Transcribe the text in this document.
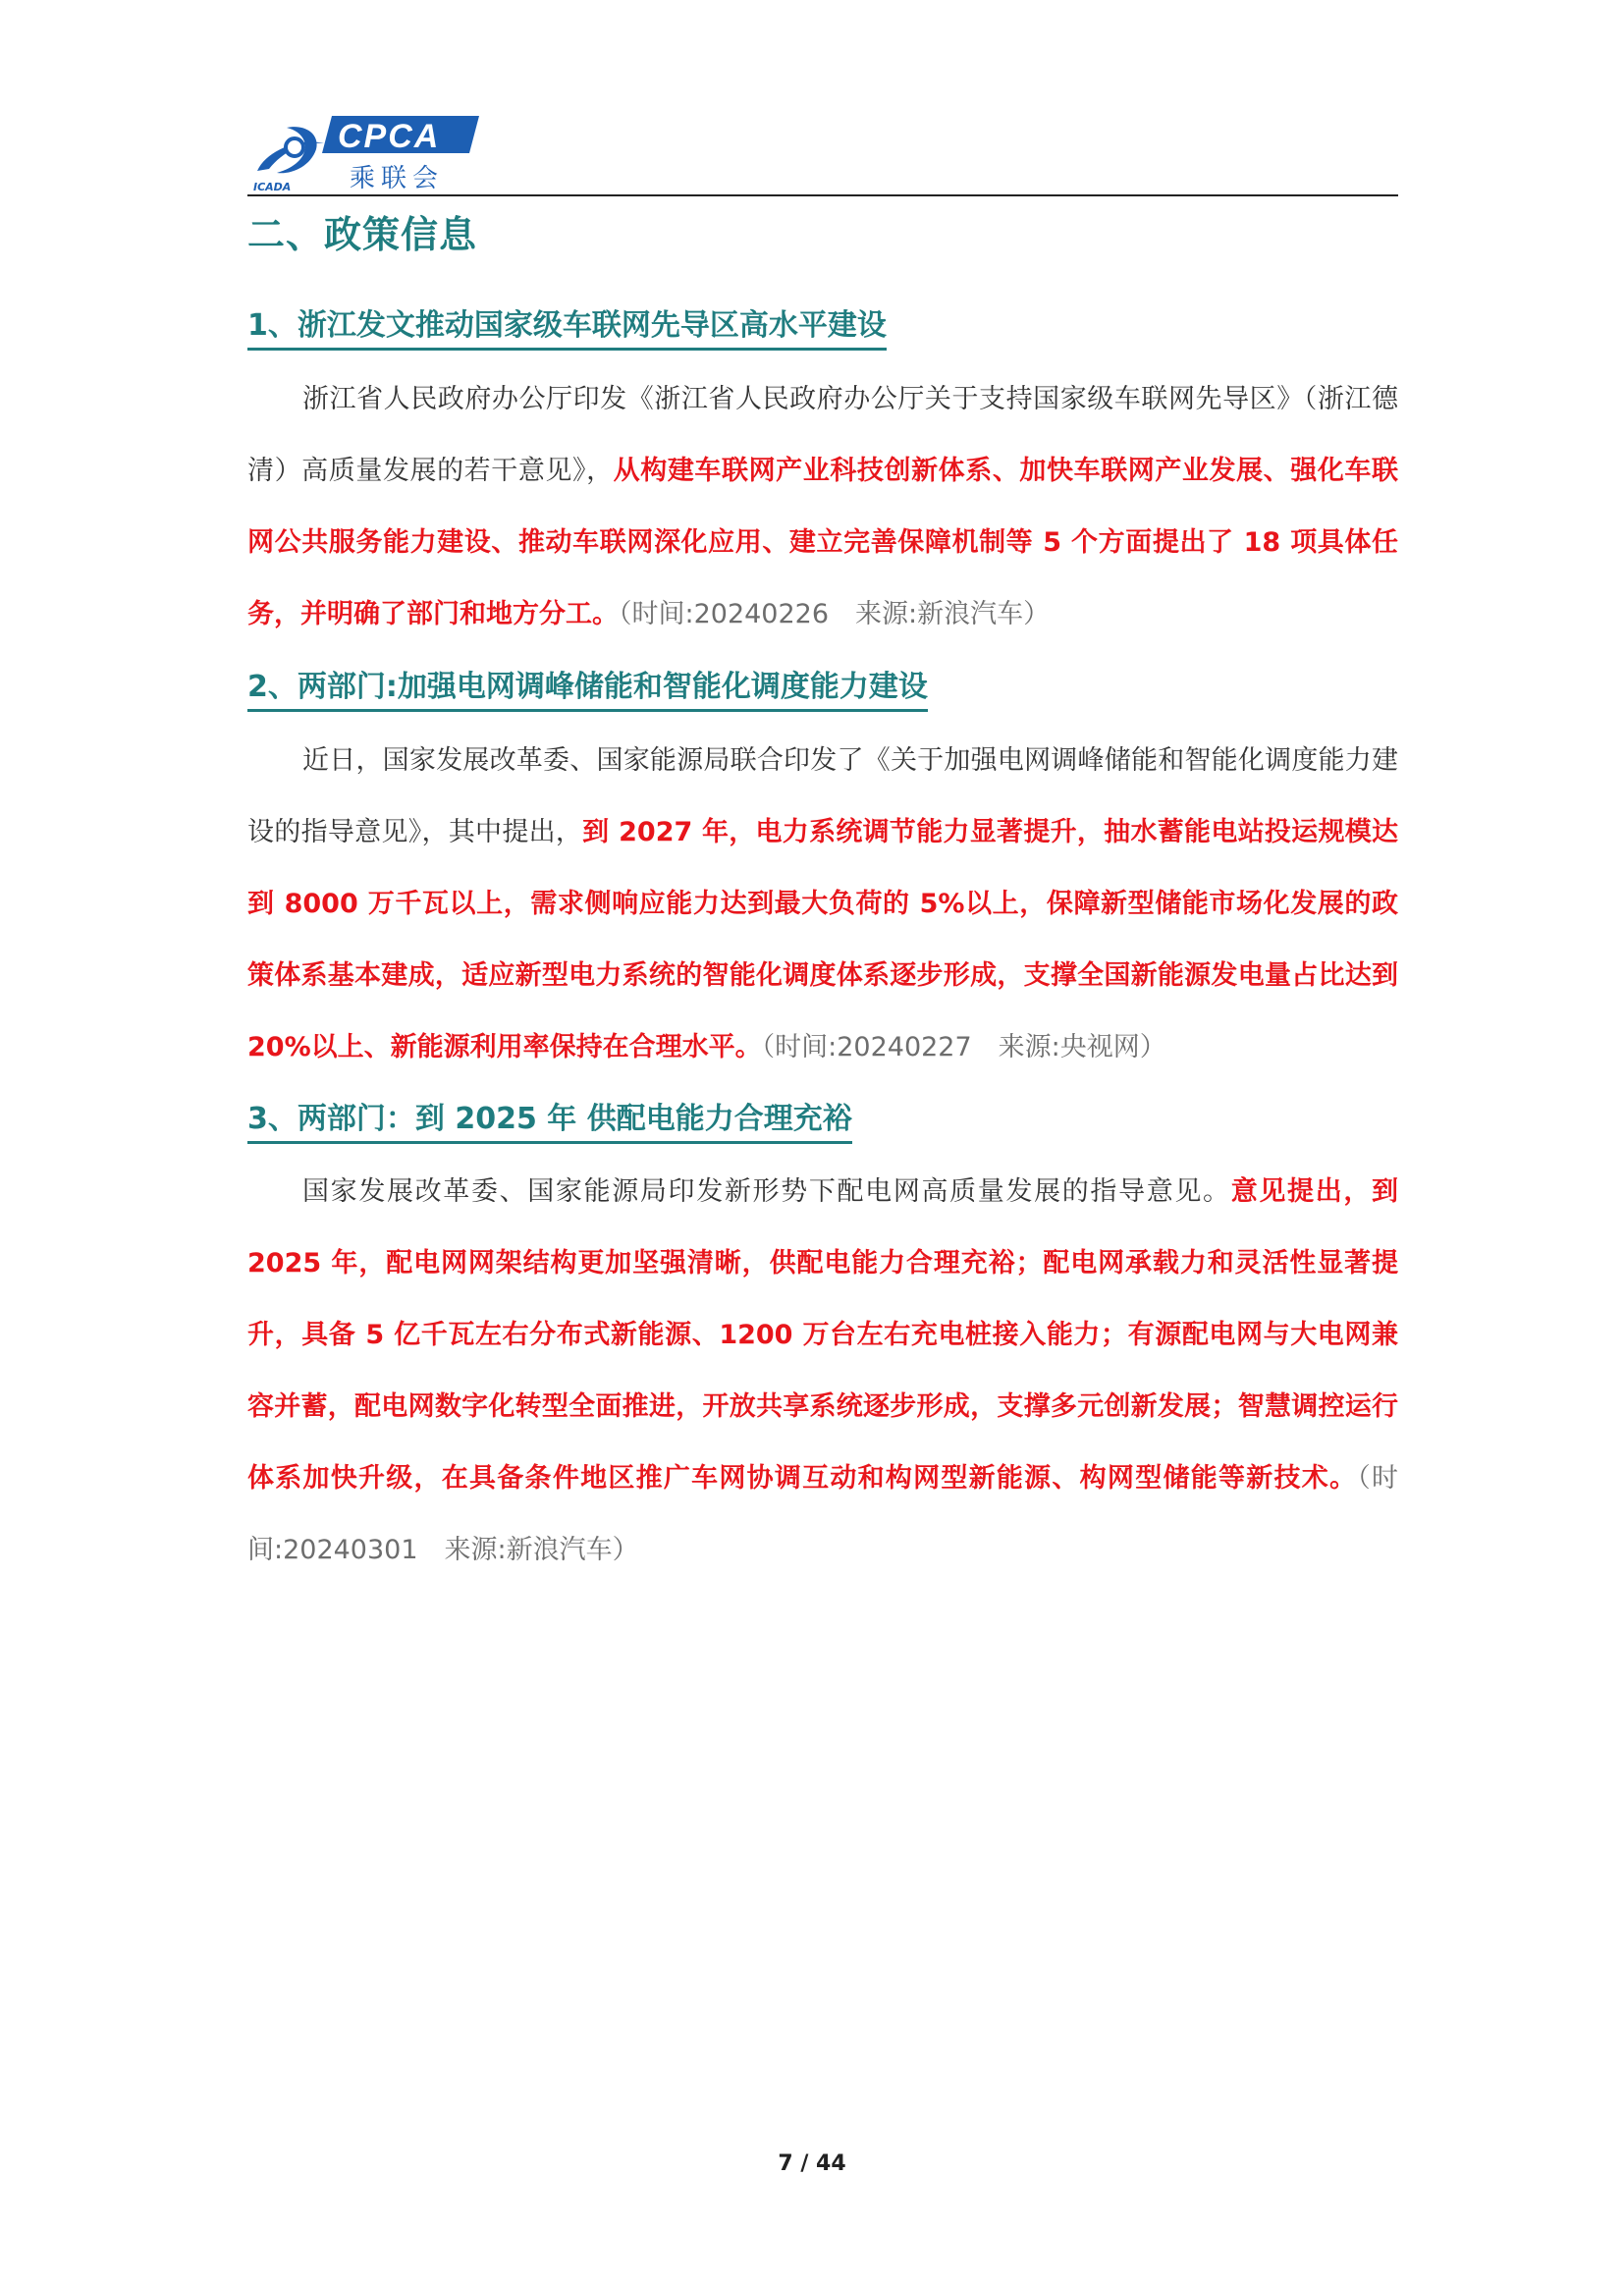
ICADA
CPCA
乘联会
二、政策信息
1、浙江发文推动国家级车联网先导区高水平建设

浙江省人民政府办公厅印发《浙江省人民政府办公厅关于支持国家级车联网先导区》（浙江德清）高质量发展的若干意见》，从构建车联网产业科技创新体系、加快车联网产业发展、强化车联网公共服务能力建设、推动车联网深化应用、建立完善保障机制等 5 个方面提出了 18 项具体任务，并明确了部门和地方分工。（时间:20240226　来源:新浪汽车）

2、两部门:加强电网调峰储能和智能化调度能力建设

近日，国家发展改革委、国家能源局联合印发了《关于加强电网调峰储能和智能化调度能力建设的指导意见》，其中提出，到 2027 年，电力系统调节能力显著提升，抽水蓄能电站投运规模达到 8000 万千瓦以上，需求侧响应能力达到最大负荷的 5%以上，保障新型储能市场化发展的政策体系基本建成，适应新型电力系统的智能化调度体系逐步形成，支撑全国新能源发电量占比达到 20%以上、新能源利用率保持在合理水平。（时间:20240227　来源:央视网）

3、两部门：到 2025 年 供配电能力合理充裕

国家发展改革委、国家能源局印发新形势下配电网高质量发展的指导意见。意见提出，到 2025 年，配电网网架结构更加坚强清晰，供配电能力合理充裕；配电网承载力和灵活性显著提升，具备 5 亿千瓦左右分布式新能源、1200 万台左右充电桩接入能力；有源配电网与大电网兼容并蓄，配电网数字化转型全面推进，开放共享系统逐步形成，支撑多元创新发展；智慧调控运行体系加快升级，在具备条件地区推广车网协调互动和构网型新能源、构网型储能等新技术。（时间:20240301　来源:新浪汽车）

7 / 44
